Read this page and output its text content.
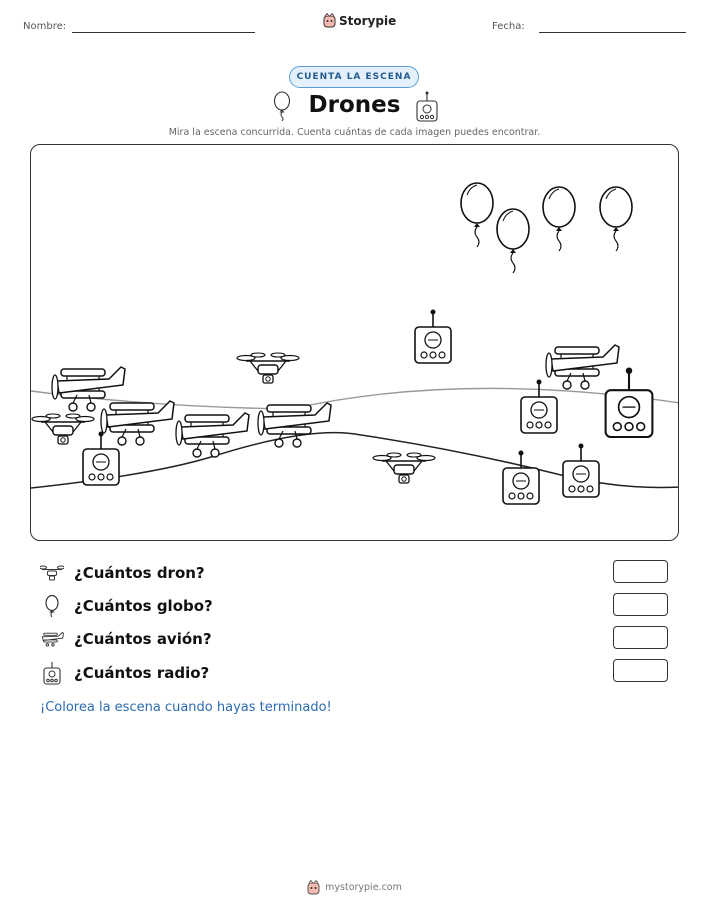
Nombre:	Storypie	Fecha:
CUENTA LA ESCENA
Drones
Mira la escena concurrida. Cuenta cuántas de cada imagen puedes encontrar.
¿Cuántos dron?
¿Cuántos globo?
¿Cuántos avión?
¿Cuántos radio?
¡Colorea la escena cuando hayas terminado!
mystorypie.com
